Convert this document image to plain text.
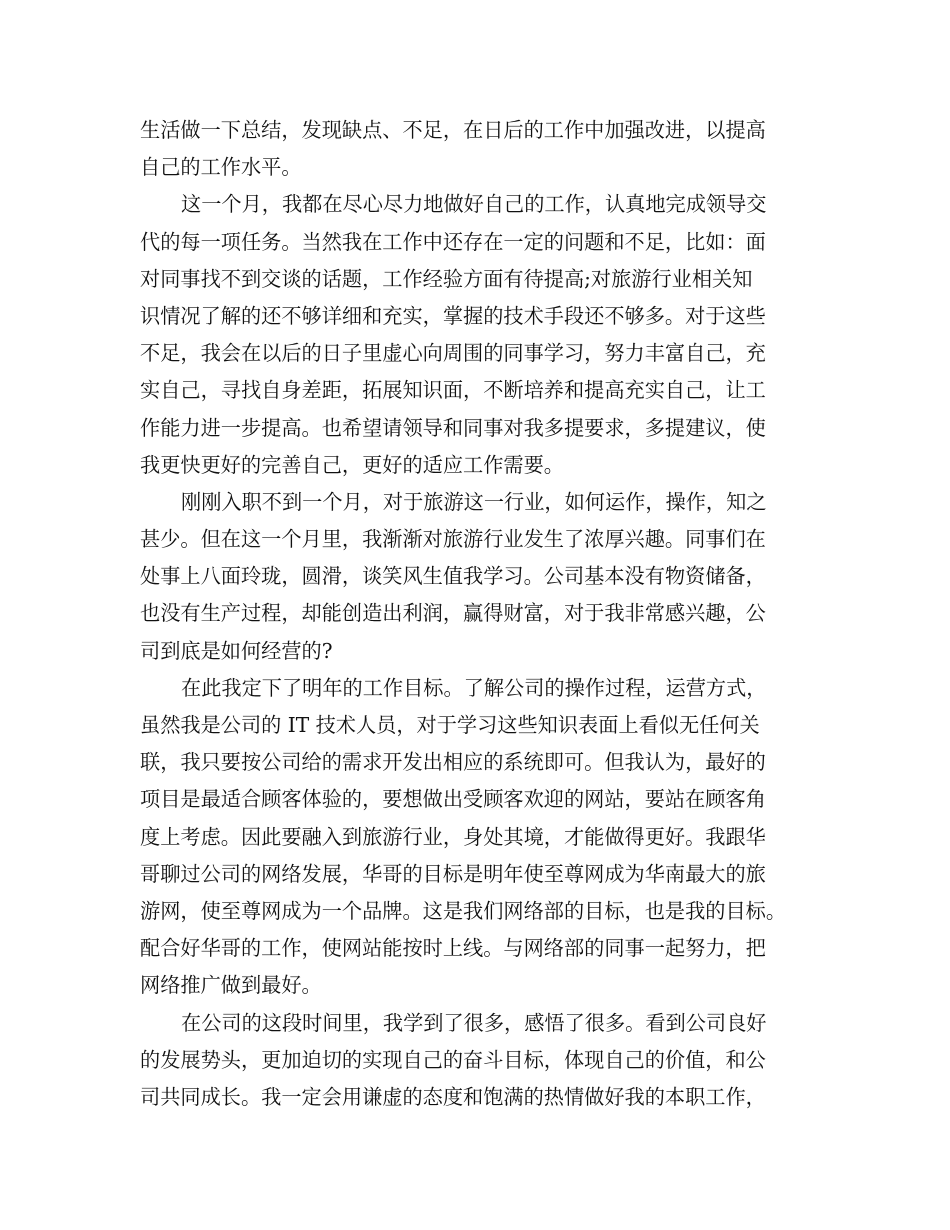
生活做一下总结，发现缺点、不足，在日后的工作中加强改进，以提高
自己的工作水平。
这一个月，我都在尽心尽力地做好自己的工作，认真地完成领导交
代的每一项任务。当然我在工作中还存在一定的问题和不足，比如：面
对同事找不到交谈的话题，工作经验方面有待提高;对旅游行业相关知
识情况了解的还不够详细和充实，掌握的技术手段还不够多。对于这些
不足，我会在以后的日子里虚心向周围的同事学习，努力丰富自己，充
实自己，寻找自身差距，拓展知识面，不断培养和提高充实自己，让工
作能力进一步提高。也希望请领导和同事对我多提要求，多提建议，使
我更快更好的完善自己，更好的适应工作需要。
刚刚入职不到一个月，对于旅游这一行业，如何运作，操作，知之
甚少。但在这一个月里，我渐渐对旅游行业发生了浓厚兴趣。同事们在
处事上八面玲珑，圆滑，谈笑风生值我学习。公司基本没有物资储备，
也没有生产过程，却能创造出利润，赢得财富，对于我非常感兴趣，公
司到底是如何经营的?
在此我定下了明年的工作目标。了解公司的操作过程，运营方式，
虽然我是公司的 IT 技术人员，对于学习这些知识表面上看似无任何关
联，我只要按公司给的需求开发出相应的系统即可。但我认为，最好的
项目是最适合顾客体验的，要想做出受顾客欢迎的网站，要站在顾客角
度上考虑。因此要融入到旅游行业，身处其境，才能做得更好。我跟华
哥聊过公司的网络发展，华哥的目标是明年使至尊网成为华南最大的旅
游网，使至尊网成为一个品牌。这是我们网络部的目标，也是我的目标。
配合好华哥的工作，使网站能按时上线。与网络部的同事一起努力，把
网络推广做到最好。
在公司的这段时间里，我学到了很多，感悟了很多。看到公司良好
的发展势头，更加迫切的实现自己的奋斗目标，体现自己的价值，和公
司共同成长。我一定会用谦虚的态度和饱满的热情做好我的本职工作，
